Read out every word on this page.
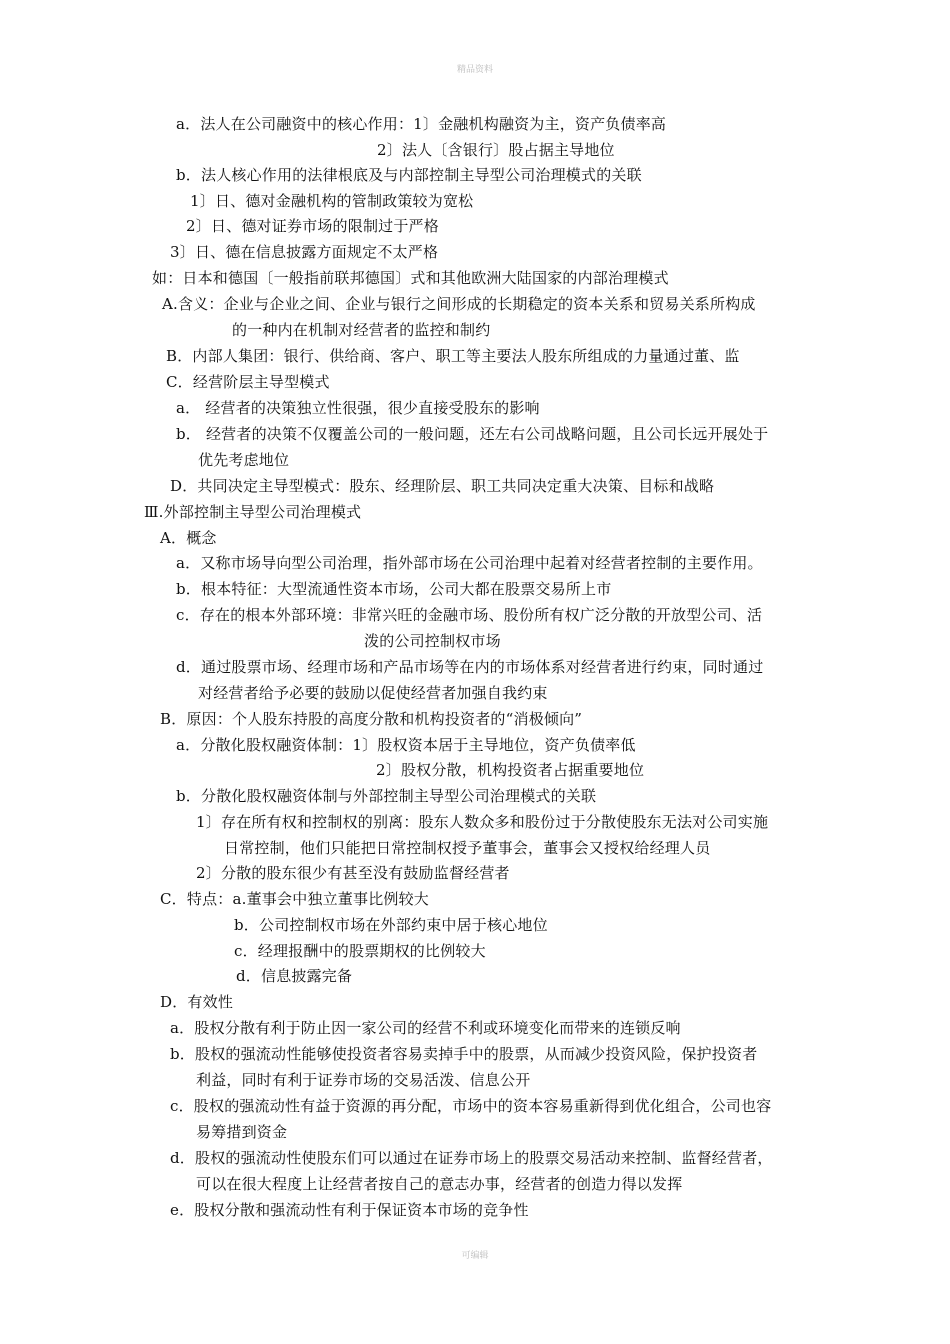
精品资料
a．法人在公司融资中的核心作用：1〕金融机构融资为主，资产负债率高
2〕法人〔含银行〕股占据主导地位
b．法人核心作用的法律根底及与内部控制主导型公司治理模式的关联
1〕日、德对金融机构的管制政策较为宽松
2〕日、德对证券市场的限制过于严格
3〕日、德在信息披露方面规定不太严格
如：日本和德国〔一般指前联邦德国〕式和其他欧洲大陆国家的内部治理模式
A.含义：企业与企业之间、企业与银行之间形成的长期稳定的资本关系和贸易关系所构成
的一种内在机制对经营者的监控和制约
B．内部人集团：银行、供给商、客户、职工等主要法人股东所组成的力量通过董、监
C．经营阶层主导型模式
a． 经营者的决策独立性很强，很少直接受股东的影响
b． 经营者的决策不仅覆盖公司的一般问题，还左右公司战略问题，且公司长远开展处于
优先考虑地位
D．共同决定主导型模式：股东、经理阶层、职工共同决定重大决策、目标和战略
Ⅲ.外部控制主导型公司治理模式
A．概念
a．又称市场导向型公司治理，指外部市场在公司治理中起着对经营者控制的主要作用。
b．根本特征：大型流通性资本市场，公司大都在股票交易所上市
c．存在的根本外部环境：非常兴旺的金融市场、股份所有权广泛分散的开放型公司、活
泼的公司控制权市场
d．通过股票市场、经理市场和产品市场等在内的市场体系对经营者进行约束，同时通过
对经营者给予必要的鼓励以促使经营者加强自我约束
B．原因：个人股东持股的高度分散和机构投资者的“消极倾向”
a．分散化股权融资体制：1〕股权资本居于主导地位，资产负债率低
2〕股权分散，机构投资者占据重要地位
b．分散化股权融资体制与外部控制主导型公司治理模式的关联
1〕存在所有权和控制权的别离：股东人数众多和股份过于分散使股东无法对公司实施
日常控制，他们只能把日常控制权授予董事会，董事会又授权给经理人员
2〕分散的股东很少有甚至没有鼓励监督经营者
C．特点：a.董事会中独立董事比例较大
b．公司控制权市场在外部约束中居于核心地位
c．经理报酬中的股票期权的比例较大
d．信息披露完备
D．有效性
a．股权分散有利于防止因一家公司的经营不利或环境变化而带来的连锁反响
b．股权的强流动性能够使投资者容易卖掉手中的股票，从而减少投资风险，保护投资者
利益，同时有利于证券市场的交易活泼、信息公开
c．股权的强流动性有益于资源的再分配，市场中的资本容易重新得到优化组合，公司也容
易筹措到资金
d．股权的强流动性使股东们可以通过在证券市场上的股票交易活动来控制、监督经营者，
可以在很大程度上让经营者按自己的意志办事，经营者的创造力得以发挥
e．股权分散和强流动性有利于保证资本市场的竞争性
可编辑
